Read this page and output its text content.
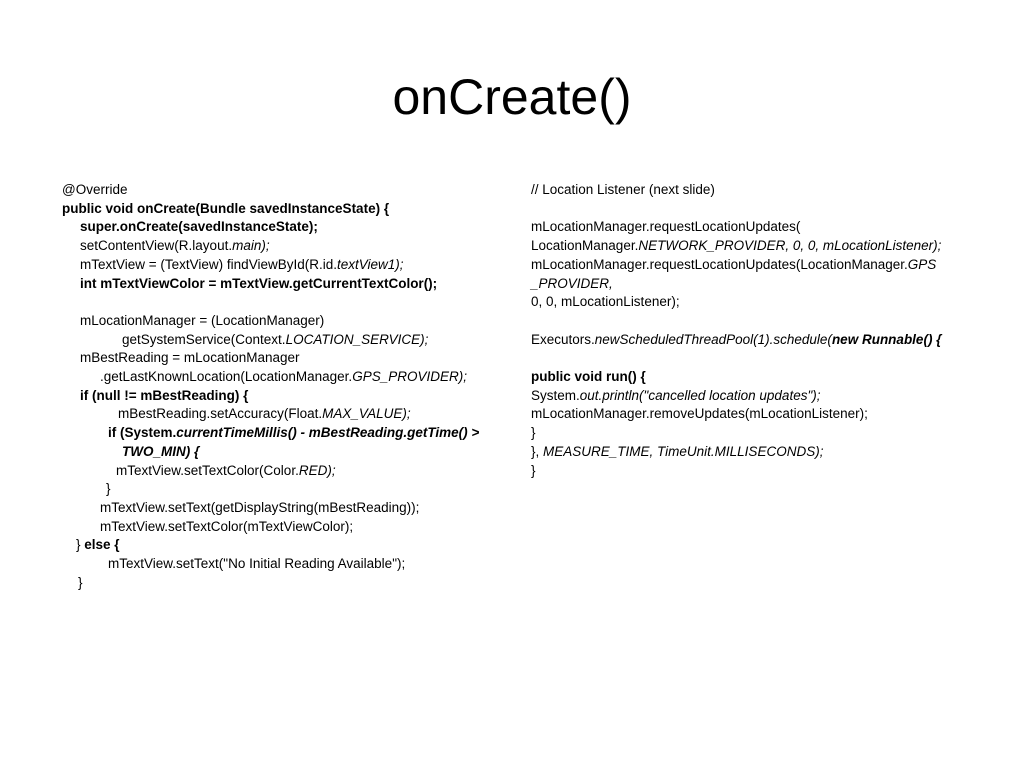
onCreate()
@Override
public void onCreate(Bundle savedInstanceState) {
super.onCreate(savedInstanceState);
setContentView(R.layout.main);
mTextView = (TextView) findViewById(R.id.textView1);
int mTextViewColor = mTextView.getCurrentTextColor();
mLocationManager = (LocationManager)
getSystemService(Context.LOCATION_SERVICE);
mBestReading = mLocationManager
.getLastKnownLocation(LocationManager.GPS_PROVIDER);
if (null != mBestReading) {
mBestReading.setAccuracy(Float.MAX_VALUE);
if (System.currentTimeMillis() - mBestReading.getTime() >
TWO_MIN) {
mTextView.setTextColor(Color.RED);
}
mTextView.setText(getDisplayString(mBestReading));
mTextView.setTextColor(mTextViewColor);
} else {
mTextView.setText("No Initial Reading Available");
}
// Location Listener (next slide)
mLocationManager.requestLocationUpdates(
LocationManager.NETWORK_PROVIDER, 0, 0, mLocationListener);
mLocationManager.requestLocationUpdates(LocationManager.GPS
_PROVIDER,
0, 0, mLocationListener);
Executors.newScheduledThreadPool(1).schedule(new Runnable() {
public void run() {
System.out.println("cancelled location updates");
mLocationManager.removeUpdates(mLocationListener);
}
}, MEASURE_TIME, TimeUnit.MILLISECONDS);
}
